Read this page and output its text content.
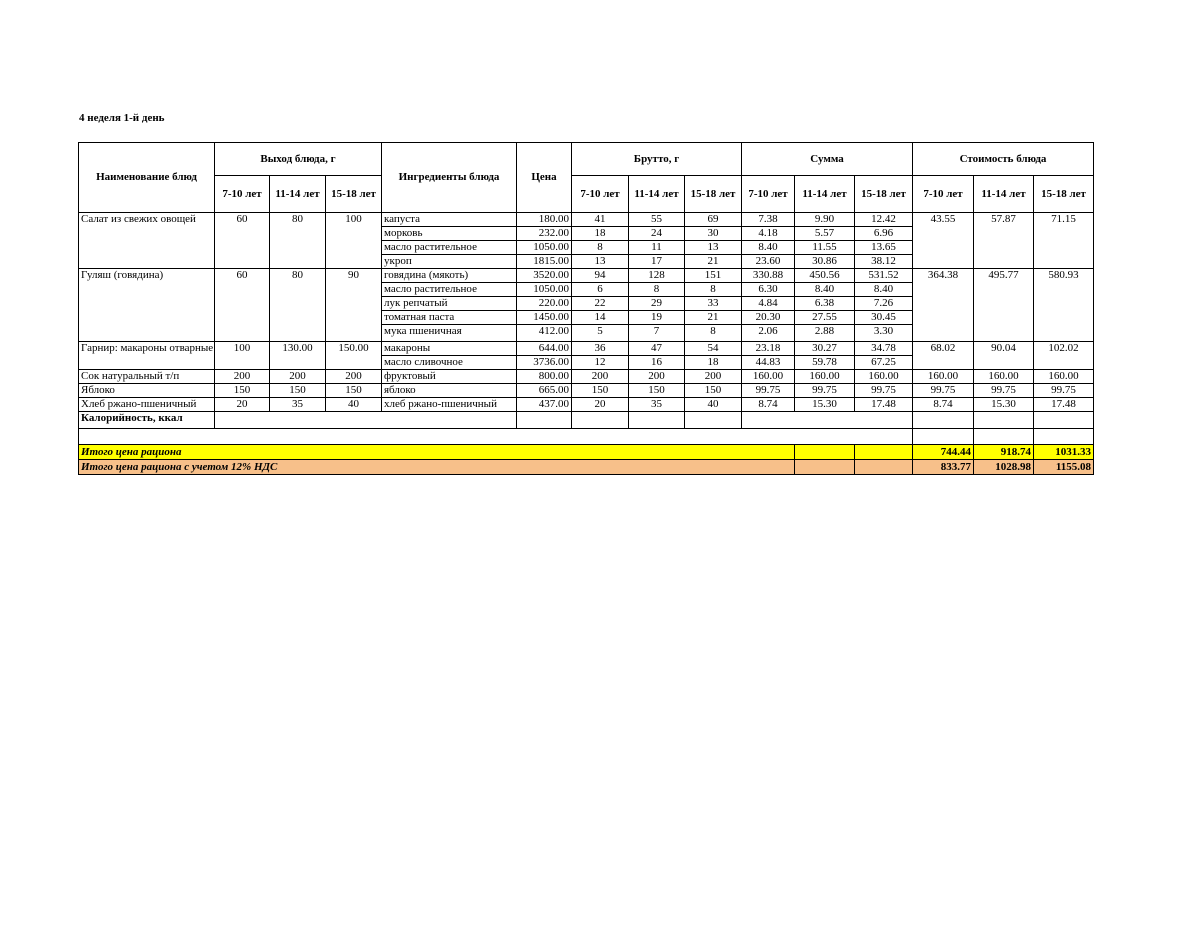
4 неделя 1-й день
Наименование блюд	Выход блюда, г			Ингредиенты блюда	Цена	Брутто, г			Сумма			Стоимость блюда		
	7-10 лет	11-14 лет	15-18 лет			7-10 лет	11-14 лет	15-18 лет	7-10 лет	11-14 лет	15-18 лет	7-10 лет	11-14 лет	15-18 лет
Салат из свежих овощей	60	80	100	капуста	180.00	41	55	69	7.38	9.90	12.42	43.55	57.87	71.15
				морковь	232.00	18	24	30	4.18	5.57	6.96			
				масло растительное	1050.00	8	11	13	8.40	11.55	13.65			
				укроп	1815.00	13	17	21	23.60	30.86	38.12			
Гуляш (говядина)	60	80	90	говядина (мякоть)	3520.00	94	128	151	330.88	450.56	531.52	364.38	495.77	580.93
				масло растительное	1050.00	6	8	8	6.30	8.40	8.40			
				лук репчатый	220.00	22	29	33	4.84	6.38	7.26			
				томатная паста	1450.00	14	19	21	20.30	27.55	30.45			
				мука пшеничная	412.00	5	7	8	2.06	2.88	3.30			
Гарнир: макароны отварные	100	130.00	150.00	макароны	644.00	36	47	54	23.18	30.27	34.78	68.02	90.04	102.02
				масло сливочное	3736.00	12	16	18	44.83	59.78	67.25			
Сок натуральный т/п	200	200	200	фруктовый	800.00	200	200	200	160.00	160.00	160.00	160.00	160.00	160.00
Яблоко	150	150	150	яблоко	665.00	150	150	150	99.75	99.75	99.75	99.75	99.75	99.75
Хлеб ржано-пшеничный	20	35	40	хлеб ржано-пшеничный	437.00	20	35	40	8.74	15.30	17.48	8.74	15.30	17.48
Калорийность, ккал														

Итого цена рациона												744.44	918.74	1031.33
Итого цена рациона с учетом 12% НДС												833.77	1028.98	1155.08
